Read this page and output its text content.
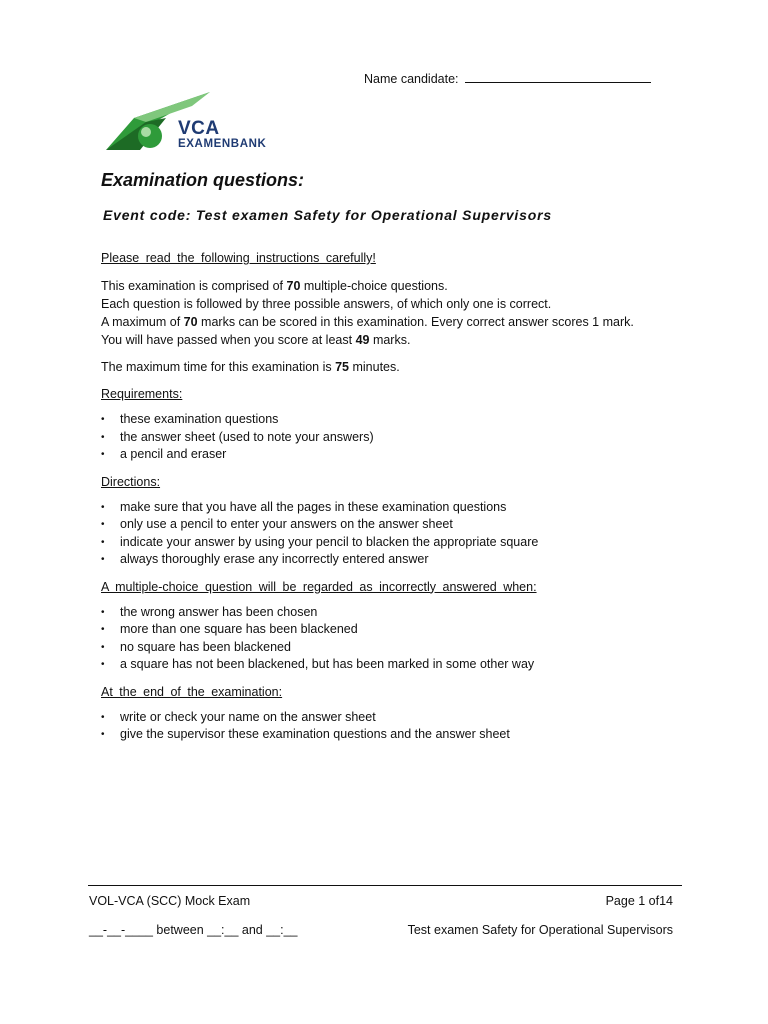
Name candidate:
VCA
EXAMENBANK
Examination questions:
Event code: Test examen Safety for Operational Supervisors

Please read the following instructions carefully!

This examination is comprised of 70 multiple-choice questions.

Each question is followed by three possible answers, of which only one is correct.

A maximum of 70 marks can be scored in this examination. Every correct answer scores 1 mark.

You will have passed when you score at least 49 marks.

The maximum time for this examination is 75 minutes.

Requirements:

• these examination questions
• the answer sheet (used to note your answers)
• a pencil and eraser

Directions:

• make sure that you have all the pages in these examination questions
• only use a pencil to enter your answers on the answer sheet
• indicate your answer by using your pencil to blacken the appropriate square
• always thoroughly erase any incorrectly entered answer

A multiple-choice question will be regarded as incorrectly answered when:

• the wrong answer has been chosen
• more than one square has been blackened
• no square has been blackened
• a square has not been blackened, but has been marked in some other way

At the end of the examination:

• write or check your name on the answer sheet
• give the supervisor these examination questions and the answer sheet
VOL-VCA (SCC) Mock Exam	Page 1 of14
__-__-____ between __:__ and __:__	Test examen Safety for Operational Supervisors
